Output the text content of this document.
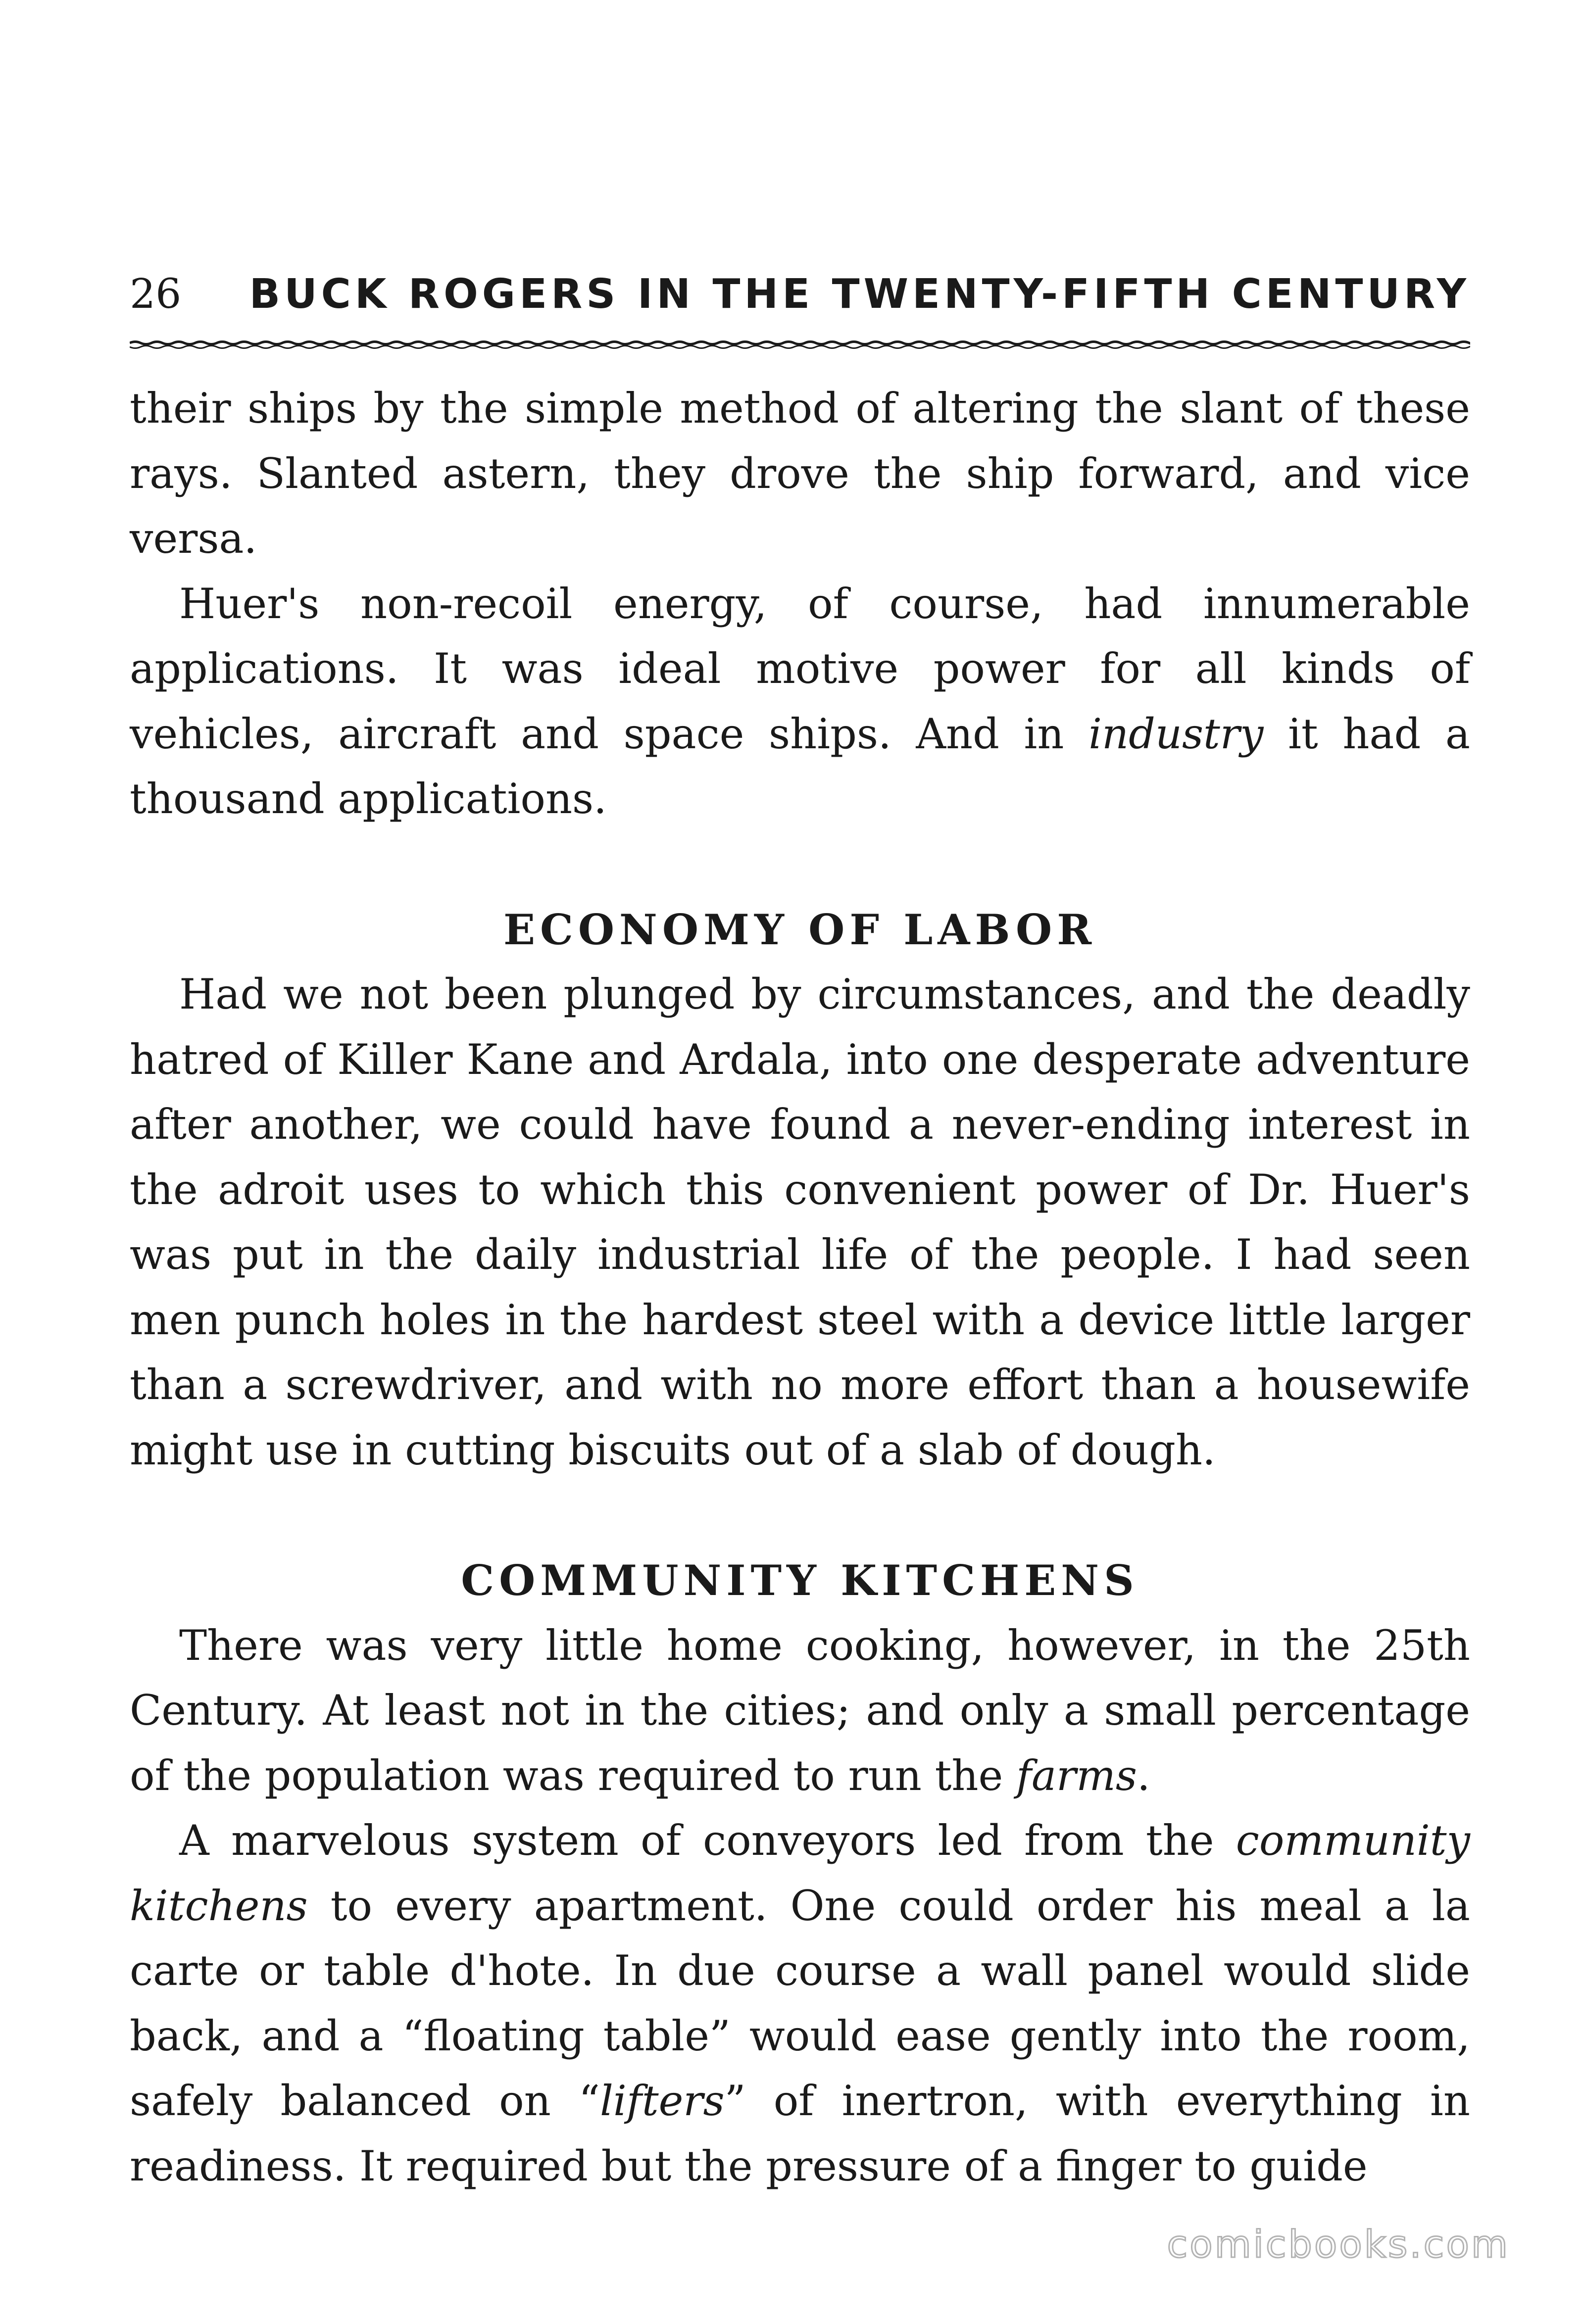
26 BUCK ROGERS IN THE TWENTY-FIFTH CENTURY

their ships by the simple method of altering the slant of these rays. Slanted astern, they drove the ship forward, and vice versa.

Huer's non-recoil energy, of course, had innumerable applications. It was ideal motive power for all kinds of vehicles, aircraft and space ships. And in industry it had a thousand applications.

ECONOMY OF LABOR

Had we not been plunged by circumstances, and the deadly hatred of Killer Kane and Ardala, into one desperate adventure after another, we could have found a never-ending interest in the adroit uses to which this convenient power of Dr. Huer's was put in the daily industrial life of the people. I had seen men punch holes in the hardest steel with a device little larger than a screwdriver, and with no more effort than a housewife might use in cutting biscuits out of a slab of dough.

COMMUNITY KITCHENS

There was very little home cooking, however, in the 25th Century. At least not in the cities; and only a small percentage of the population was required to run the farms.

A marvelous system of conveyors led from the community kitchens to every apartment. One could order his meal a la carte or table d'hote. In due course a wall panel would slide back, and a “floating table” would ease gently into the room, safely balanced on “lifters” of inertron, with everything in readiness. It required but the pressure of a finger to guide

comicbooks.com
